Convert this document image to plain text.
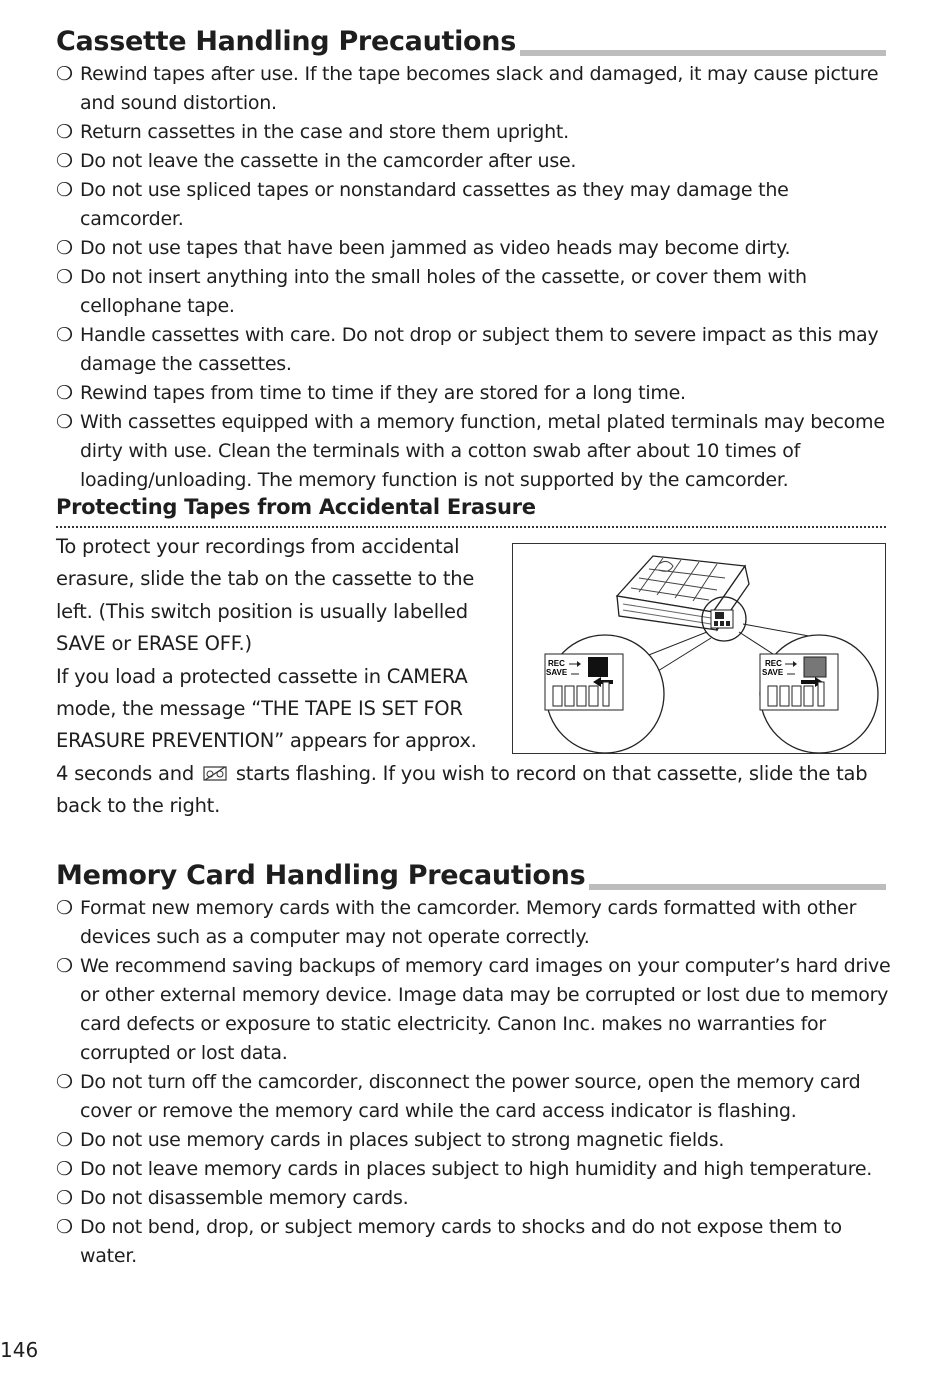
Cassette Handling Precautions
❍ Rewind tapes after use. If the tape becomes slack and damaged, it may cause picture
and sound distortion.
❍ Return cassettes in the case and store them upright.
❍ Do not leave the cassette in the camcorder after use.
❍ Do not use spliced tapes or nonstandard cassettes as they may damage the camcorder.
❍ Do not use tapes that have been jammed as video heads may become dirty.
❍ Do not insert anything into the small holes of the cassette, or cover them with
cellophane tape.
❍ Handle cassettes with care. Do not drop or subject them to severe impact as this may
damage the cassettes.
❍ Rewind tapes from time to time if they are stored for a long time.
❍ With cassettes equipped with a memory function, metal plated terminals may become
dirty with use. Clean the terminals with a cotton swab after about 10 times of
loading/unloading. The memory function is not supported by the camcorder.
Protecting Tapes from Accidental Erasure
To protect your recordings from accidental
erasure, slide the tab on the cassette to the
left. (This switch position is usually labelled
SAVE or ERASE OFF.)
If you load a protected cassette in CAMERA
mode, the message “THE TAPE IS SET FOR
ERASURE PREVENTION” appears for approx.
4 seconds and starts flashing. If you wish to record on that cassette, slide the tab
back to the right.
REC
SAVE
REC
SAVE
Memory Card Handling Precautions
❍ Format new memory cards with the camcorder. Memory cards formatted with other
devices such as a computer may not operate correctly.
❍ We recommend saving backups of memory card images on your computer’s hard drive
or other external memory device. Image data may be corrupted or lost due to memory
card defects or exposure to static electricity. Canon Inc. makes no warranties for
corrupted or lost data.
❍ Do not turn off the camcorder, disconnect the power source, open the memory card
cover or remove the memory card while the card access indicator is flashing.
❍ Do not use memory cards in places subject to strong magnetic fields.
❍ Do not leave memory cards in places subject to high humidity and high temperature.
❍ Do not disassemble memory cards.
❍ Do not bend, drop, or subject memory cards to shocks and do not expose them to
water.
146
